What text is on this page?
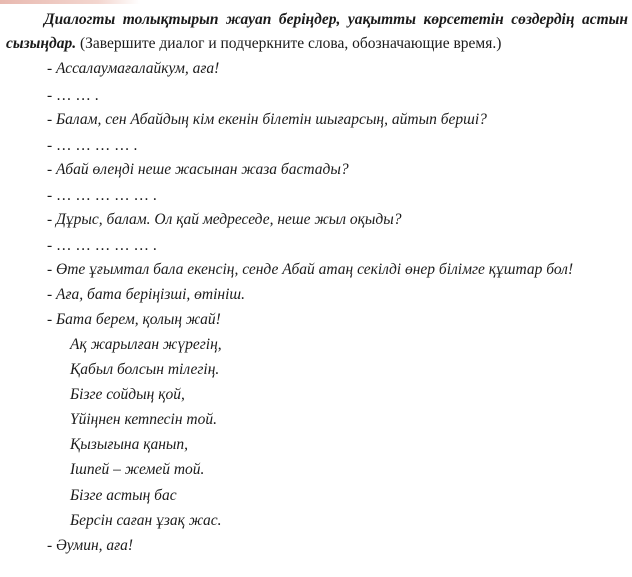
Диалогты толықтырып жауап беріңдер, уақытты көрсететін сөздердің астын сызыңдар. (Завершите диалог и подчеркните слова, обозначающие время.)
- Ассалаумағалайкум, аға!
- … … .
- Балам, сен Абайдың кім екенін білетін шығарсың, айтып берші?
- … … … … .
- Абай өлеңді неше жасынан жаза бастады?
- … … … … … .
- Дұрыс, балам. Ол қай медреседе, неше жыл оқыды?
- … … … … … .
- Өте ұғымтал бала екенсің, сенде Абай атаң секілді өнер білімге құштар бол!
- Аға, бата беріңізші, өтініш.
- Бата берем, қолың жай!
Ақ жарылған жүрегің,
Қабыл болсын тілегің.
Бізге сойдың қой,
Үйіңнен кетпесін той.
Қызығына қанып,
Ішпей – жемей той.
Бізге астың бас
Берсін саған ұзақ жас.
- Әумин, аға!
